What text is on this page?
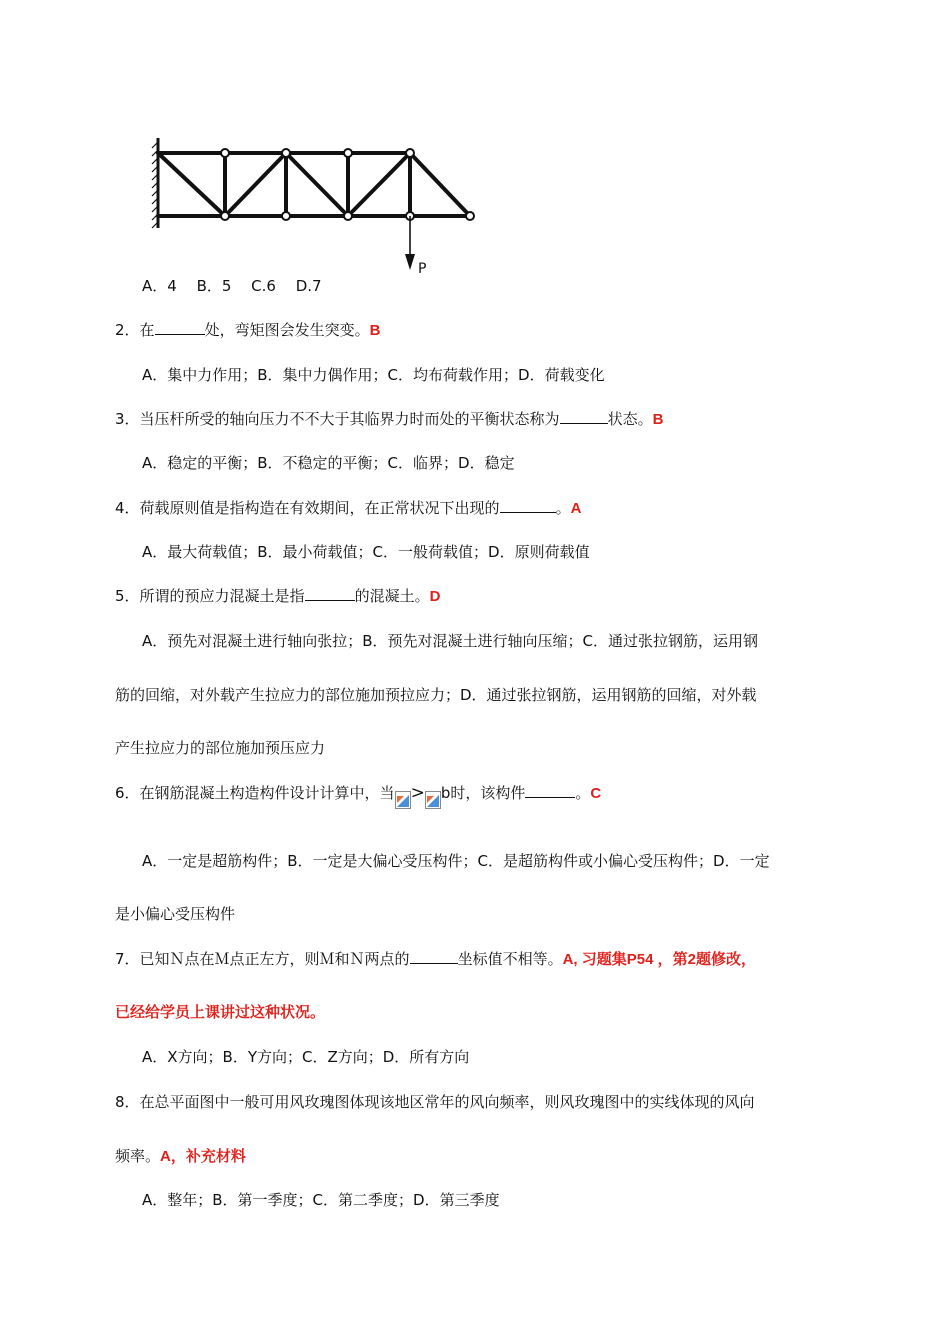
P
A．4　 B．5　 C.6　 D.7
2．在	处，弯矩图会发生突变。B
A．集中力作用；B．集中力偶作用；C．均布荷载作用；D．荷载变化
3．当压杆所受的轴向压力不不大于其临界力时而处的平衡状态称为	状态。B
A．稳定的平衡；B．不稳定的平衡；C．临界；D．稳定
4．荷载原则值是指构造在有效期间，在正常状况下出现的	。A
A．最大荷载值；B．最小荷载值；C．一般荷载值；D．原则荷载值
5．所谓的预应力混凝土是指	的混凝土。D
A．预先对混凝土进行轴向张拉；B．预先对混凝土进行轴向压缩；C．通过张拉钢筋，运用钢
筋的回缩，对外载产生拉应力的部位施加预拉应力；D．通过张拉钢筋，运用钢筋的回缩，对外载
产生拉应力的部位施加预压应力
6．在钢筋混凝土构造构件设计计算中，当 > b时，该构件	。C
A．一定是超筋构件；B．一定是大偏心受压构件；C．是超筋构件或小偏心受压构件；D．一定
是小偏心受压构件
7．已知Ｎ点在Ｍ点正左方，则Ｍ和Ｎ两点的	坐标值不相等。A, 习题集P54 ，第2题修改，
已经给学员上课讲过这种状况。
A．X方向；B．Y方向；C．Z方向；D．所有方向
8．在总平面图中一般可用风玫瑰图体现该地区常年的风向频率，则风玫瑰图中的实线体现的风向
频率。A，补充材料
A．整年；B．第一季度；C．第二季度；D．第三季度
